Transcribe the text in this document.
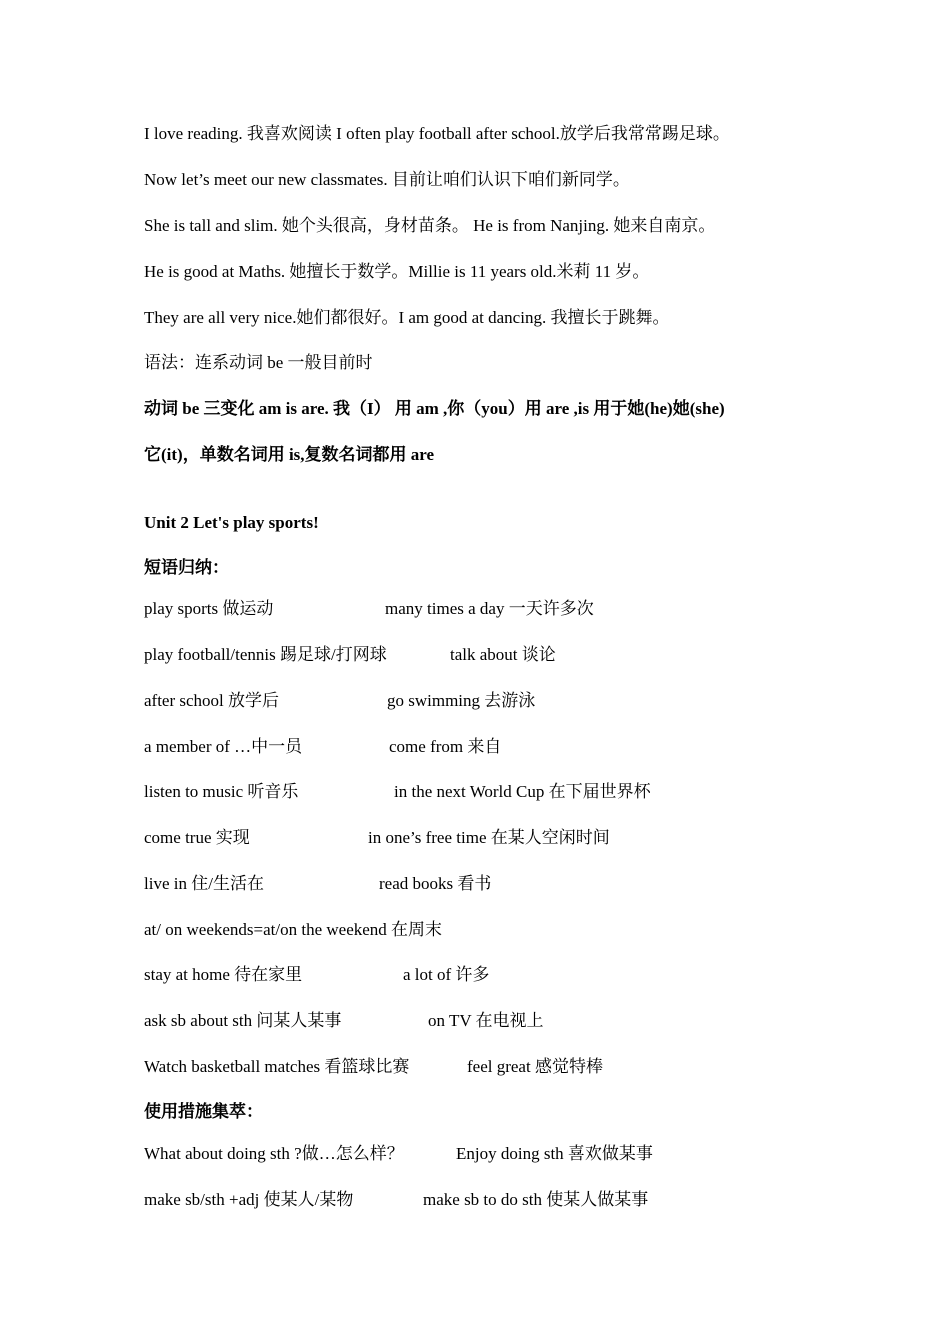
I love reading. 我喜欢阅读 I often play football after school.放学后我常常踢足球。
Now let’s meet our new classmates. 目前让咱们认识下咱们新同学。
She is tall and slim. 她个头很高，身材苗条。 He is from Nanjing. 她来自南京。
He is good at Maths. 她擅长于数学。Millie is 11 years old.米莉 11 岁。
They are all very nice.她们都很好。I am good at dancing. 我擅长于跳舞。
语法：连系动词 be 一般目前时
动词 be 三变化 am is are. 我（I） 用 am ,你（you）用 are ,is 用于她(he)她(she)
它(it)，单数名词用 is,复数名词都用 are
Unit 2 Let's play sports!
短语归纳：
play sports 做运动	many times a day 一天许多次
play football/tennis 踢足球/打网球	talk about 谈论
after school 放学后	go swimming 去游泳
a member of …中一员	come from 来自
listen to music 听音乐	in the next World Cup 在下届世界杯
come true 实现	in one’s free time 在某人空闲时间
live in 住/生活在	read books 看书
at/ on weekends=at/on the weekend 在周末
stay at home 待在家里	a lot of 许多
ask sb about sth 问某人某事	on TV 在电视上
Watch basketball matches 看篮球比赛	feel great 感觉特棒
使用措施集萃：
What about doing sth ?做…怎么样？	Enjoy doing sth 喜欢做某事
make sb/sth +adj 使某人/某物	make sb to do sth 使某人做某事
